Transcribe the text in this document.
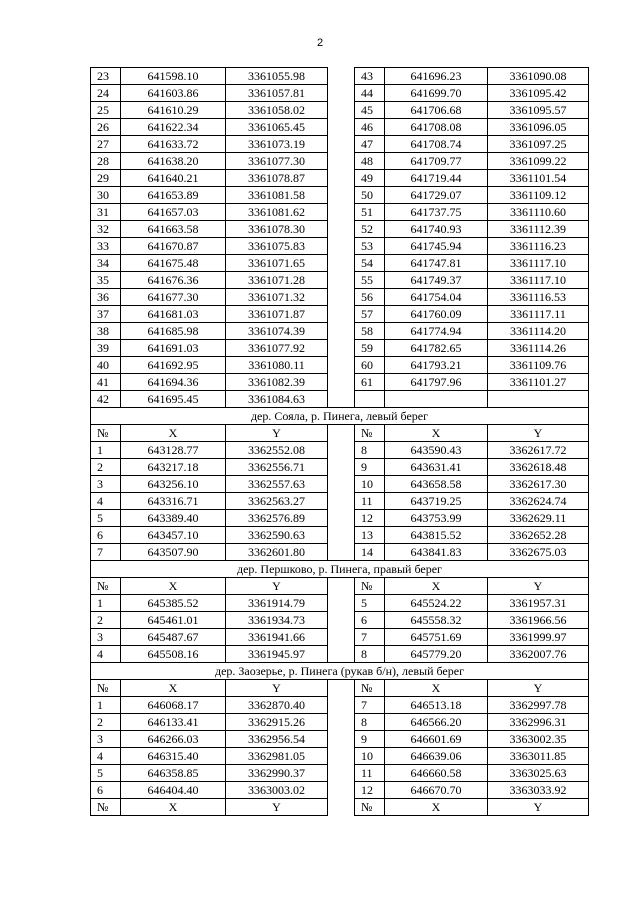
2
23	641598.10	3361055.98		43	641696.23	3361090.08
24	641603.86	3361057.81		44	641699.70	3361095.42
25	641610.29	3361058.02		45	641706.68	3361095.57
26	641622.34	3361065.45		46	641708.08	3361096.05
27	641633.72	3361073.19		47	641708.74	3361097.25
28	641638.20	3361077.30		48	641709.77	3361099.22
29	641640.21	3361078.87		49	641719.44	3361101.54
30	641653.89	3361081.58		50	641729.07	3361109.12
31	641657.03	3361081.62		51	641737.75	3361110.60
32	641663.58	3361078.30		52	641740.93	3361112.39
33	641670.87	3361075.83		53	641745.94	3361116.23
34	641675.48	3361071.65		54	641747.81	3361117.10
35	641676.36	3361071.28		55	641749.37	3361117.10
36	641677.30	3361071.32		56	641754.04	3361116.53
37	641681.03	3361071.87		57	641760.09	3361117.11
38	641685.98	3361074.39		58	641774.94	3361114.20
39	641691.03	3361077.92		59	641782.65	3361114.26
40	641692.95	3361080.11		60	641793.21	3361109.76
41	641694.36	3361082.39		61	641797.96	3361101.27
42	641695.45	3361084.63				
дер. Сояла, р. Пинега, левый берег						
№	X	Y		№	X	Y
1	643128.77	3362552.08		8	643590.43	3362617.72
2	643217.18	3362556.71		9	643631.41	3362618.48
3	643256.10	3362557.63		10	643658.58	3362617.30
4	643316.71	3362563.27		11	643719.25	3362624.74
5	643389.40	3362576.89		12	643753.99	3362629.11
6	643457.10	3362590.63		13	643815.52	3362652.28
7	643507.90	3362601.80		14	643841.83	3362675.03
дер. Першково, р. Пинега, правый берег						
№	X	Y		№	X	Y
1	645385.52	3361914.79		5	645524.22	3361957.31
2	645461.01	3361934.73		6	645558.32	3361966.56
3	645487.67	3361941.66		7	645751.69	3361999.97
4	645508.16	3361945.97		8	645779.20	3362007.76
дер. Заозерье, р. Пинега (рукав б/н), левый берег						
№	X	Y		№	X	Y
1	646068.17	3362870.40		7	646513.18	3362997.78
2	646133.41	3362915.26		8	646566.20	3362996.31
3	646266.03	3362956.54		9	646601.69	3363002.35
4	646315.40	3362981.05		10	646639.06	3363011.85
5	646358.85	3362990.37		11	646660.58	3363025.63
6	646404.40	3363003.02		12	646670.70	3363033.92
№	X	Y		№	X	Y
